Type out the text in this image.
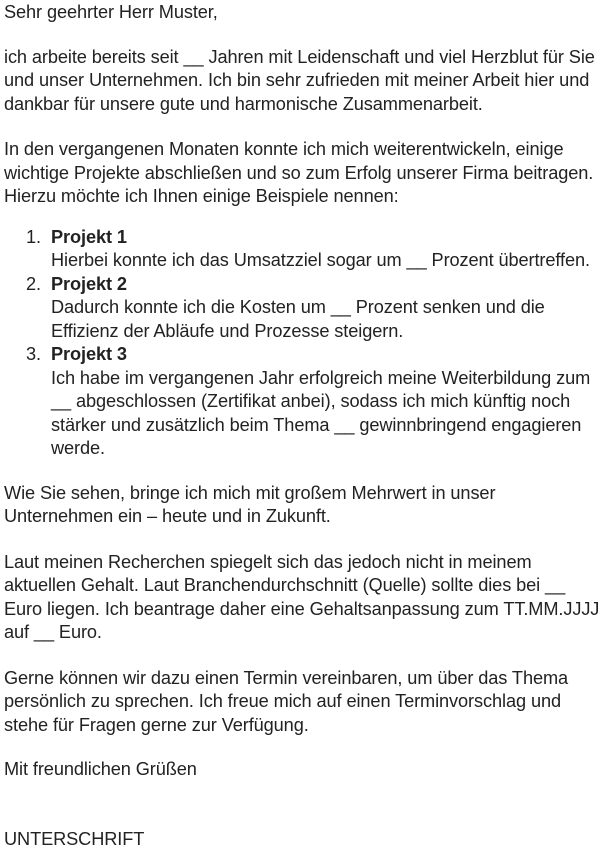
Sehr geehrter Herr Muster,

ich arbeite bereits seit __ Jahren mit Leidenschaft und viel Herzblut für Sie und unser Unternehmen. Ich bin sehr zufrieden mit meiner Arbeit hier und dankbar für unsere gute und harmonische Zusammenarbeit.

In den vergangenen Monaten konnte ich mich weiterentwickeln, einige wichtige Projekte abschließen und so zum Erfolg unserer Firma beitragen. Hierzu möchte ich Ihnen einige Beispiele nennen:

1. Projekt 1
Hierbei konnte ich das Umsatzziel sogar um __ Prozent übertreffen.
2. Projekt 2
Dadurch konnte ich die Kosten um __ Prozent senken und die Effizienz der Abläufe und Prozesse steigern.
3. Projekt 3
Ich habe im vergangenen Jahr erfolgreich meine Weiterbildung zum __ abgeschlossen (Zertifikat anbei), sodass ich mich künftig noch stärker und zusätzlich beim Thema __ gewinnbringend engagieren werde.

Wie Sie sehen, bringe ich mich mit großem Mehrwert in unser Unternehmen ein – heute und in Zukunft.

Laut meinen Recherchen spiegelt sich das jedoch nicht in meinem aktuellen Gehalt. Laut Branchendurchschnitt (Quelle) sollte dies bei __ Euro liegen. Ich beantrage daher eine Gehaltsanpassung zum TT.MM.JJJJ auf __ Euro.

Gerne können wir dazu einen Termin vereinbaren, um über das Thema persönlich zu sprechen. Ich freue mich auf einen Terminvorschlag und stehe für Fragen gerne zur Verfügung.

Mit freundlichen Grüßen

UNTERSCHRIFT
